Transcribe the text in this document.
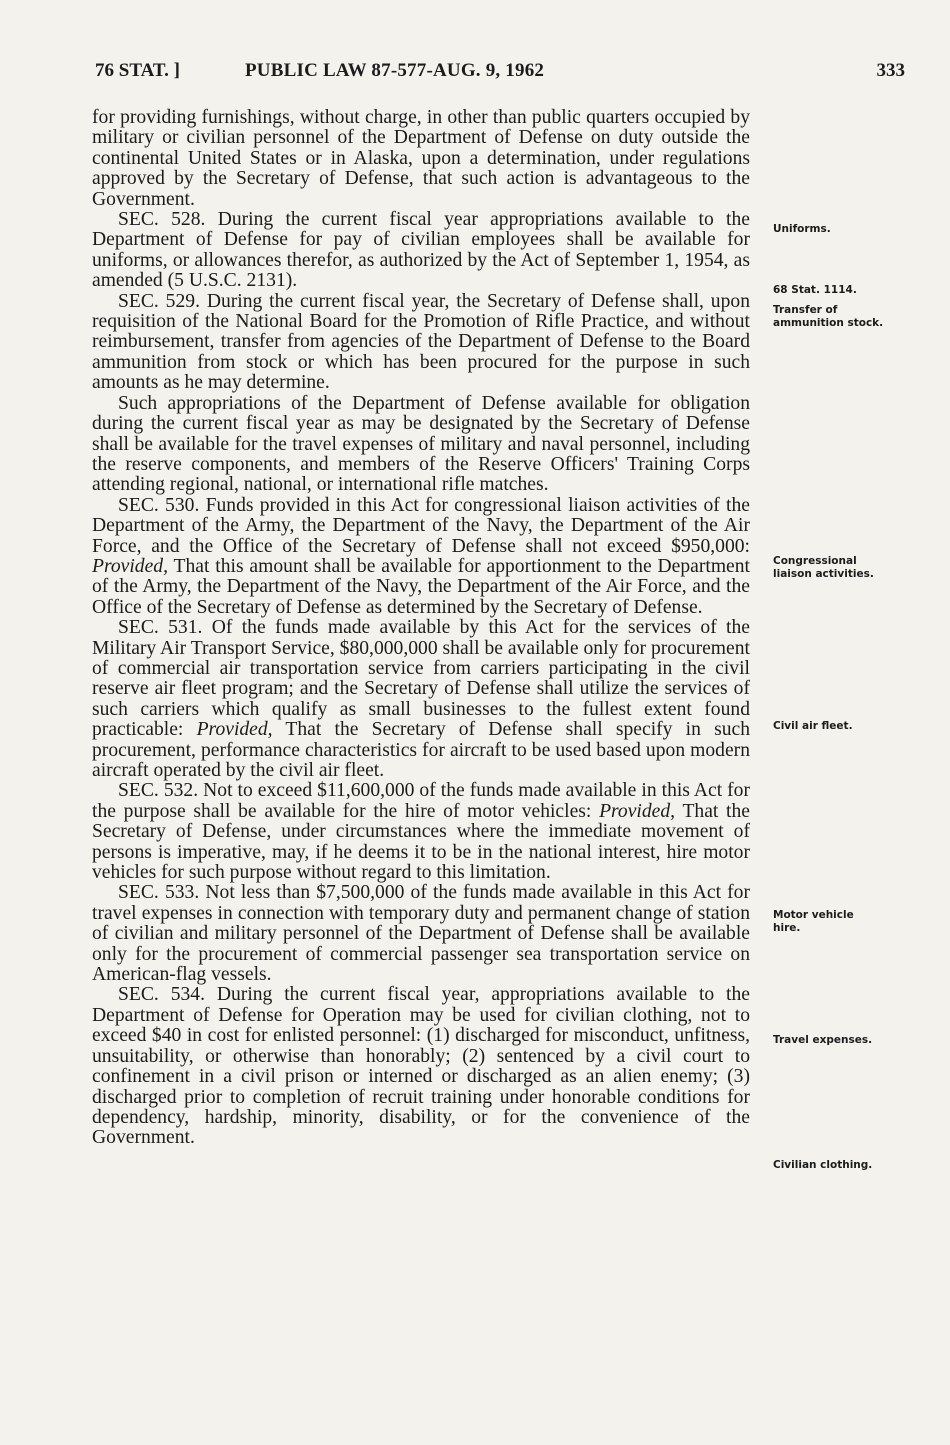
76 STAT. ]	PUBLIC LAW 87-577-AUG. 9, 1962	333

for providing furnishings, without charge, in other than public quarters occupied by military or civilian personnel of the Department of Defense on duty outside the continental United States or in Alaska, upon a determination, under regulations approved by the Secretary of Defense, that such action is advantageous to the Government.

SEC. 528. During the current fiscal year appropriations available to the Department of Defense for pay of civilian employees shall be available for uniforms, or allowances therefor, as authorized by the Act of September 1, 1954, as amended (5 U.S.C. 2131).

SEC. 529. During the current fiscal year, the Secretary of Defense shall, upon requisition of the National Board for the Promotion of Rifle Practice, and without reimbursement, transfer from agencies of the Department of Defense to the Board ammunition from stock or which has been procured for the purpose in such amounts as he may determine.

Such appropriations of the Department of Defense available for obligation during the current fiscal year as may be designated by the Secretary of Defense shall be available for the travel expenses of military and naval personnel, including the reserve components, and members of the Reserve Officers' Training Corps attending regional, national, or international rifle matches.

SEC. 530. Funds provided in this Act for congressional liaison activities of the Department of the Army, the Department of the Navy, the Department of the Air Force, and the Office of the Secretary of Defense shall not exceed $950,000: Provided, That this amount shall be available for apportionment to the Department of the Army, the Department of the Navy, the Department of the Air Force, and the Office of the Secretary of Defense as determined by the Secretary of Defense.

SEC. 531. Of the funds made available by this Act for the services of the Military Air Transport Service, $80,000,000 shall be available only for procurement of commercial air transportation service from carriers participating in the civil reserve air fleet program; and the Secretary of Defense shall utilize the services of such carriers which qualify as small businesses to the fullest extent found practicable: Provided, That the Secretary of Defense shall specify in such procurement, performance characteristics for aircraft to be used based upon modern aircraft operated by the civil air fleet.

SEC. 532. Not to exceed $11,600,000 of the funds made available in this Act for the purpose shall be available for the hire of motor vehicles: Provided, That the Secretary of Defense, under circumstances where the immediate movement of persons is imperative, may, if he deems it to be in the national interest, hire motor vehicles for such purpose without regard to this limitation.

SEC. 533. Not less than $7,500,000 of the funds made available in this Act for travel expenses in connection with temporary duty and permanent change of station of civilian and military personnel of the Department of Defense shall be available only for the procurement of commercial passenger sea transportation service on American-flag vessels.

SEC. 534. During the current fiscal year, appropriations available to the Department of Defense for Operation may be used for civilian clothing, not to exceed $40 in cost for enlisted personnel: (1) discharged for misconduct, unfitness, unsuitability, or otherwise than honorably; (2) sentenced by a civil court to confinement in a civil prison or interned or discharged as an alien enemy; (3) discharged prior to completion of recruit training under honorable conditions for dependency, hardship, minority, disability, or for the convenience of the Government.

Uniforms.
68 Stat. 1114.
Transfer of ammunition stock.
Congressional liaison activities.
Civil air fleet.
Motor vehicle hire.
Travel expenses.
Civilian clothing.
